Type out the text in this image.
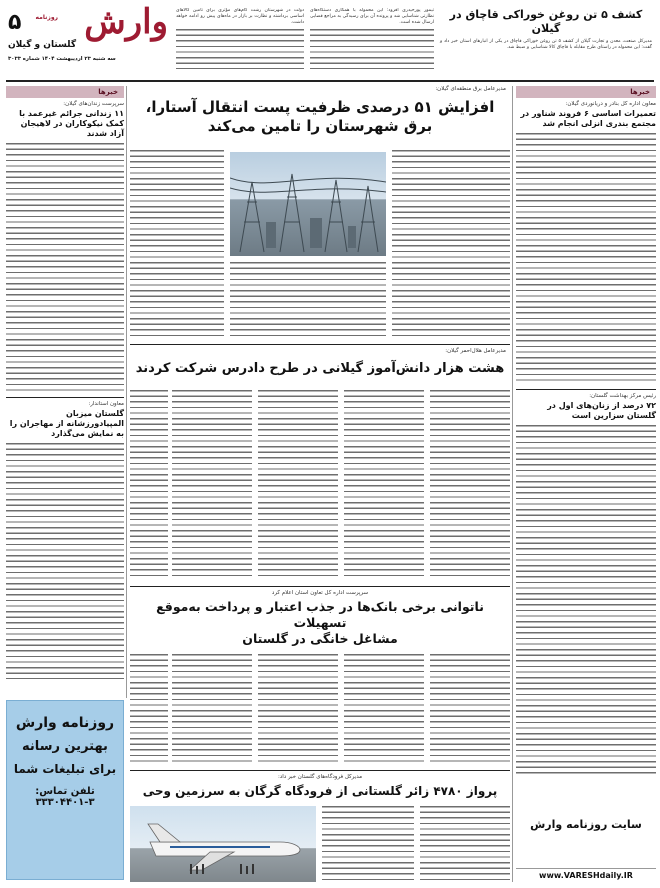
۵
گلستان و گیلان
وارش
روزنامه
سه شنبه ۲۳ اردیبهشت ۱۴۰۴ شماره ۳۰۳۳
کشف ۵ تن روغن خوراکی قاچاق در گیلان
مدیرکل صنعت، معدن و تجارت گیلان از کشف ۵ تن روغن خوراکی قاچاق در یکی از انبارهای استان خبر داد و گفت: این محموله در راستای طرح مقابله با قاچاق کالا شناسایی و ضبط شد.
تیمور پورحیدری افزود: این محموله با همکاری دستگاه‌های نظارتی شناسایی شد و پرونده آن برای رسیدگی به مراجع قضایی ارسال شده است.
دولت در شهرستان رشت گام‌های مؤثری برای تأمین کالاهای اساسی برداشته و نظارت بر بازار در ماه‌های پیش رو ادامه خواهد داشت.
خبرها
سرپرست زندان‌های گیلان:
۱۱ زندانی جرائم غیرعمد با کمک نیکوکاران در لاهیجان آزاد شدند
معاون استاندار:
گلستان میزبان المپیادورزشانه از مهاجران را به نمایش می‌گذارد
روزنامه وارش
بهترین رسانه
برای تبلیغات شما
تلفن تماس: ۳-۳۳۳۰۴۴۰۱
خبرها
معاون اداره کل بنادر و دریانوردی گیلان:
تعمیرات اساسی ۶ فروند شناور در مجتمع بندری انزلی انجام شد
رئیس مرکز بهداشت گلستان:
۷۲ درصد از زنان‌های اول در گلستان سزارین است
www.VARESHdaily.IR
سایت روزنامه وارش
مدیرعامل برق منطقه‌ای گیلان:
افزایش ۵۱ درصدی ظرفیت پست انتقال آستارا،
برق شهرستان را تامین می‌کند
مدیرعامل هلال‌احمر گیلان:
هشت هزار دانش‌آموز گیلانی در طرح دادرس شرکت کردند
سرپرست اداره کل تعاون استان اعلام کرد
ناتوانی برخی بانک‌ها در جذب اعتبار و پرداخت به‌موقع تسهیلات
مشاغل خانگی در گلستان
مدیرکل فرودگاه‌های گلستان خبر داد:
پرواز ۴۷۸۰ زائر گلستانی از فرودگاه گرگان به سرزمین وحی
